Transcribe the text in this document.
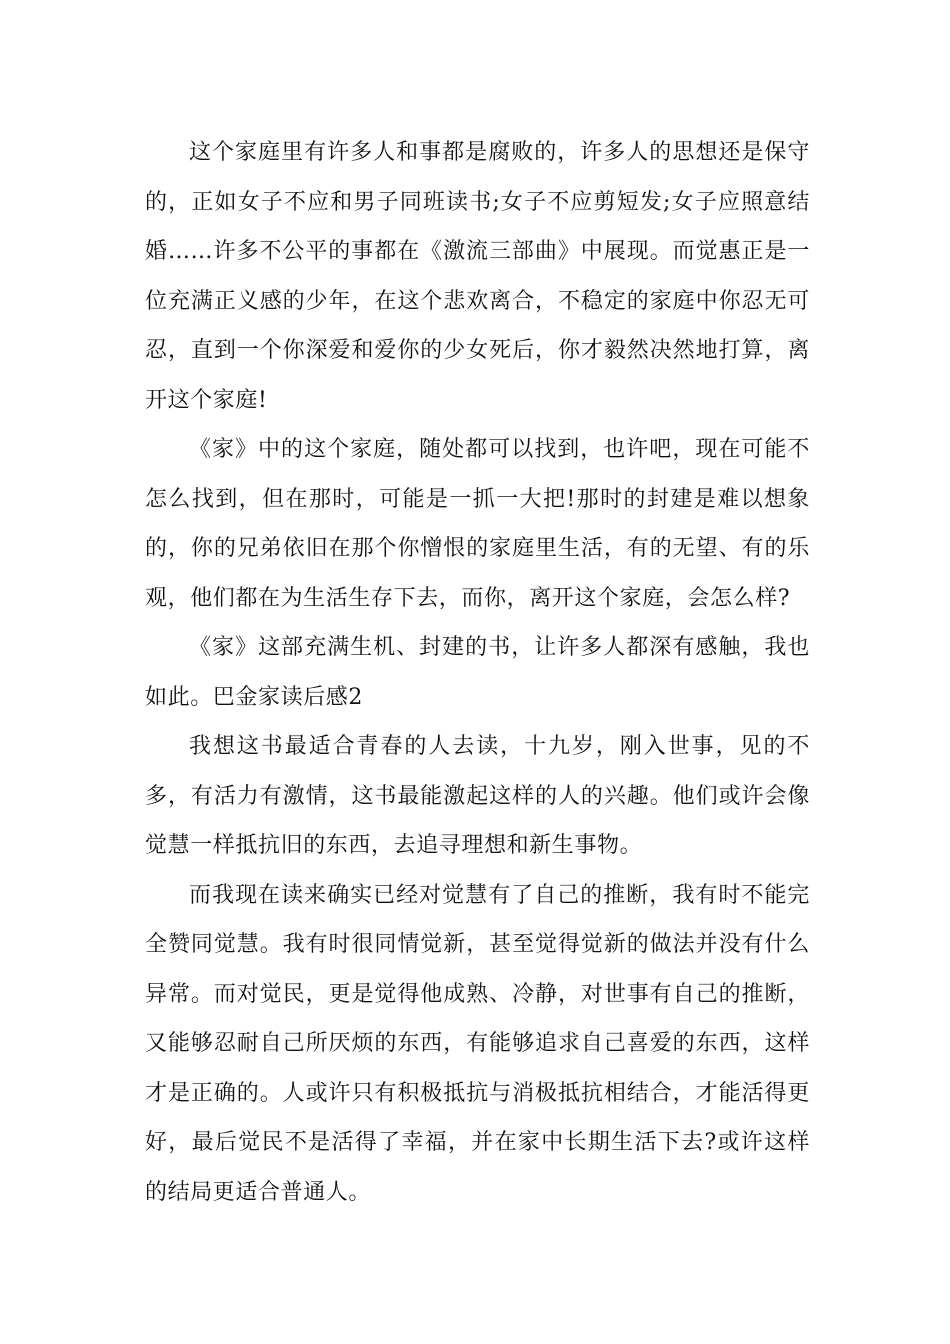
这个家庭里有许多人和事都是腐败的，许多人的思想还是保守的，正如女子不应和男子同班读书;女子不应剪短发;女子应照意结婚……许多不公平的事都在《激流三部曲》中展现。而觉惠正是一位充满正义感的少年，在这个悲欢离合，不稳定的家庭中你忍无可忍，直到一个你深爱和爱你的少女死后，你才毅然决然地打算，离开这个家庭!

《家》中的这个家庭，随处都可以找到，也许吧，现在可能不怎么找到，但在那时，可能是一抓一大把!那时的封建是难以想象的，你的兄弟依旧在那个你憎恨的家庭里生活，有的无望、有的乐观，他们都在为生活生存下去，而你，离开这个家庭，会怎么样?

《家》这部充满生机、封建的书，让许多人都深有感触，我也如此。巴金家读后感2

我想这书最适合青春的人去读，十九岁，刚入世事，见的不多，有活力有激情，这书最能激起这样的人的兴趣。他们或许会像觉慧一样抵抗旧的东西，去追寻理想和新生事物。

而我现在读来确实已经对觉慧有了自己的推断，我有时不能完全赞同觉慧。我有时很同情觉新，甚至觉得觉新的做法并没有什么异常。而对觉民，更是觉得他成熟、冷静，对世事有自己的推断，又能够忍耐自己所厌烦的东西，有能够追求自己喜爱的东西，这样才是正确的。人或许只有积极抵抗与消极抵抗相结合，才能活得更好，最后觉民不是活得了幸福，并在家中长期生活下去?或许这样的结局更适合普通人。
